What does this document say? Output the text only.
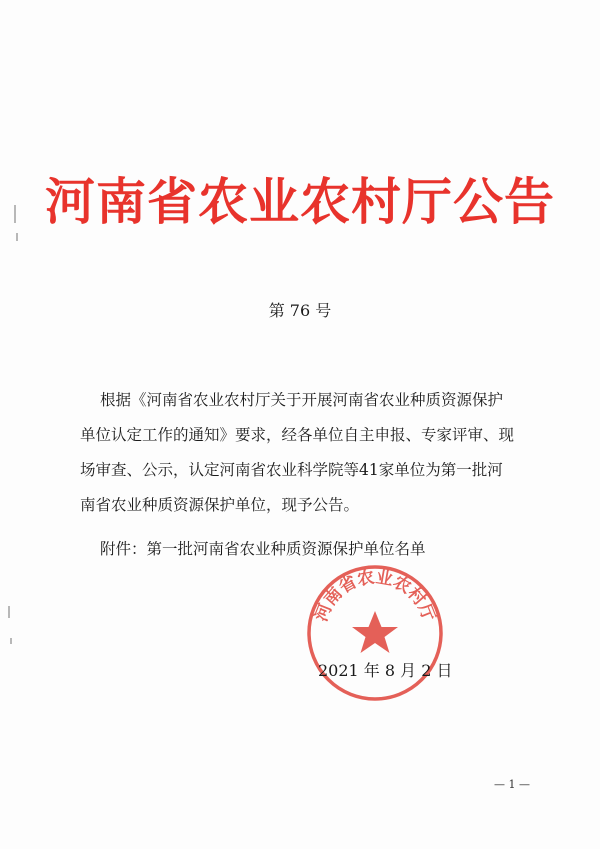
河南省农业农村厅公告
第 76 号
根据《河南省农业农村厅关于开展河南省农业种质资源保护
单位认定工作的通知》要求，经各单位自主申报、专家评审、现
场审查、公示，认定河南省农业科学院等41家单位为第一批河
南省农业种质资源保护单位，现予公告。
附件：第一批河南省农业种质资源保护单位名单
河南省农业农村厅
2021 年 8 月 2 日
— 1 —
